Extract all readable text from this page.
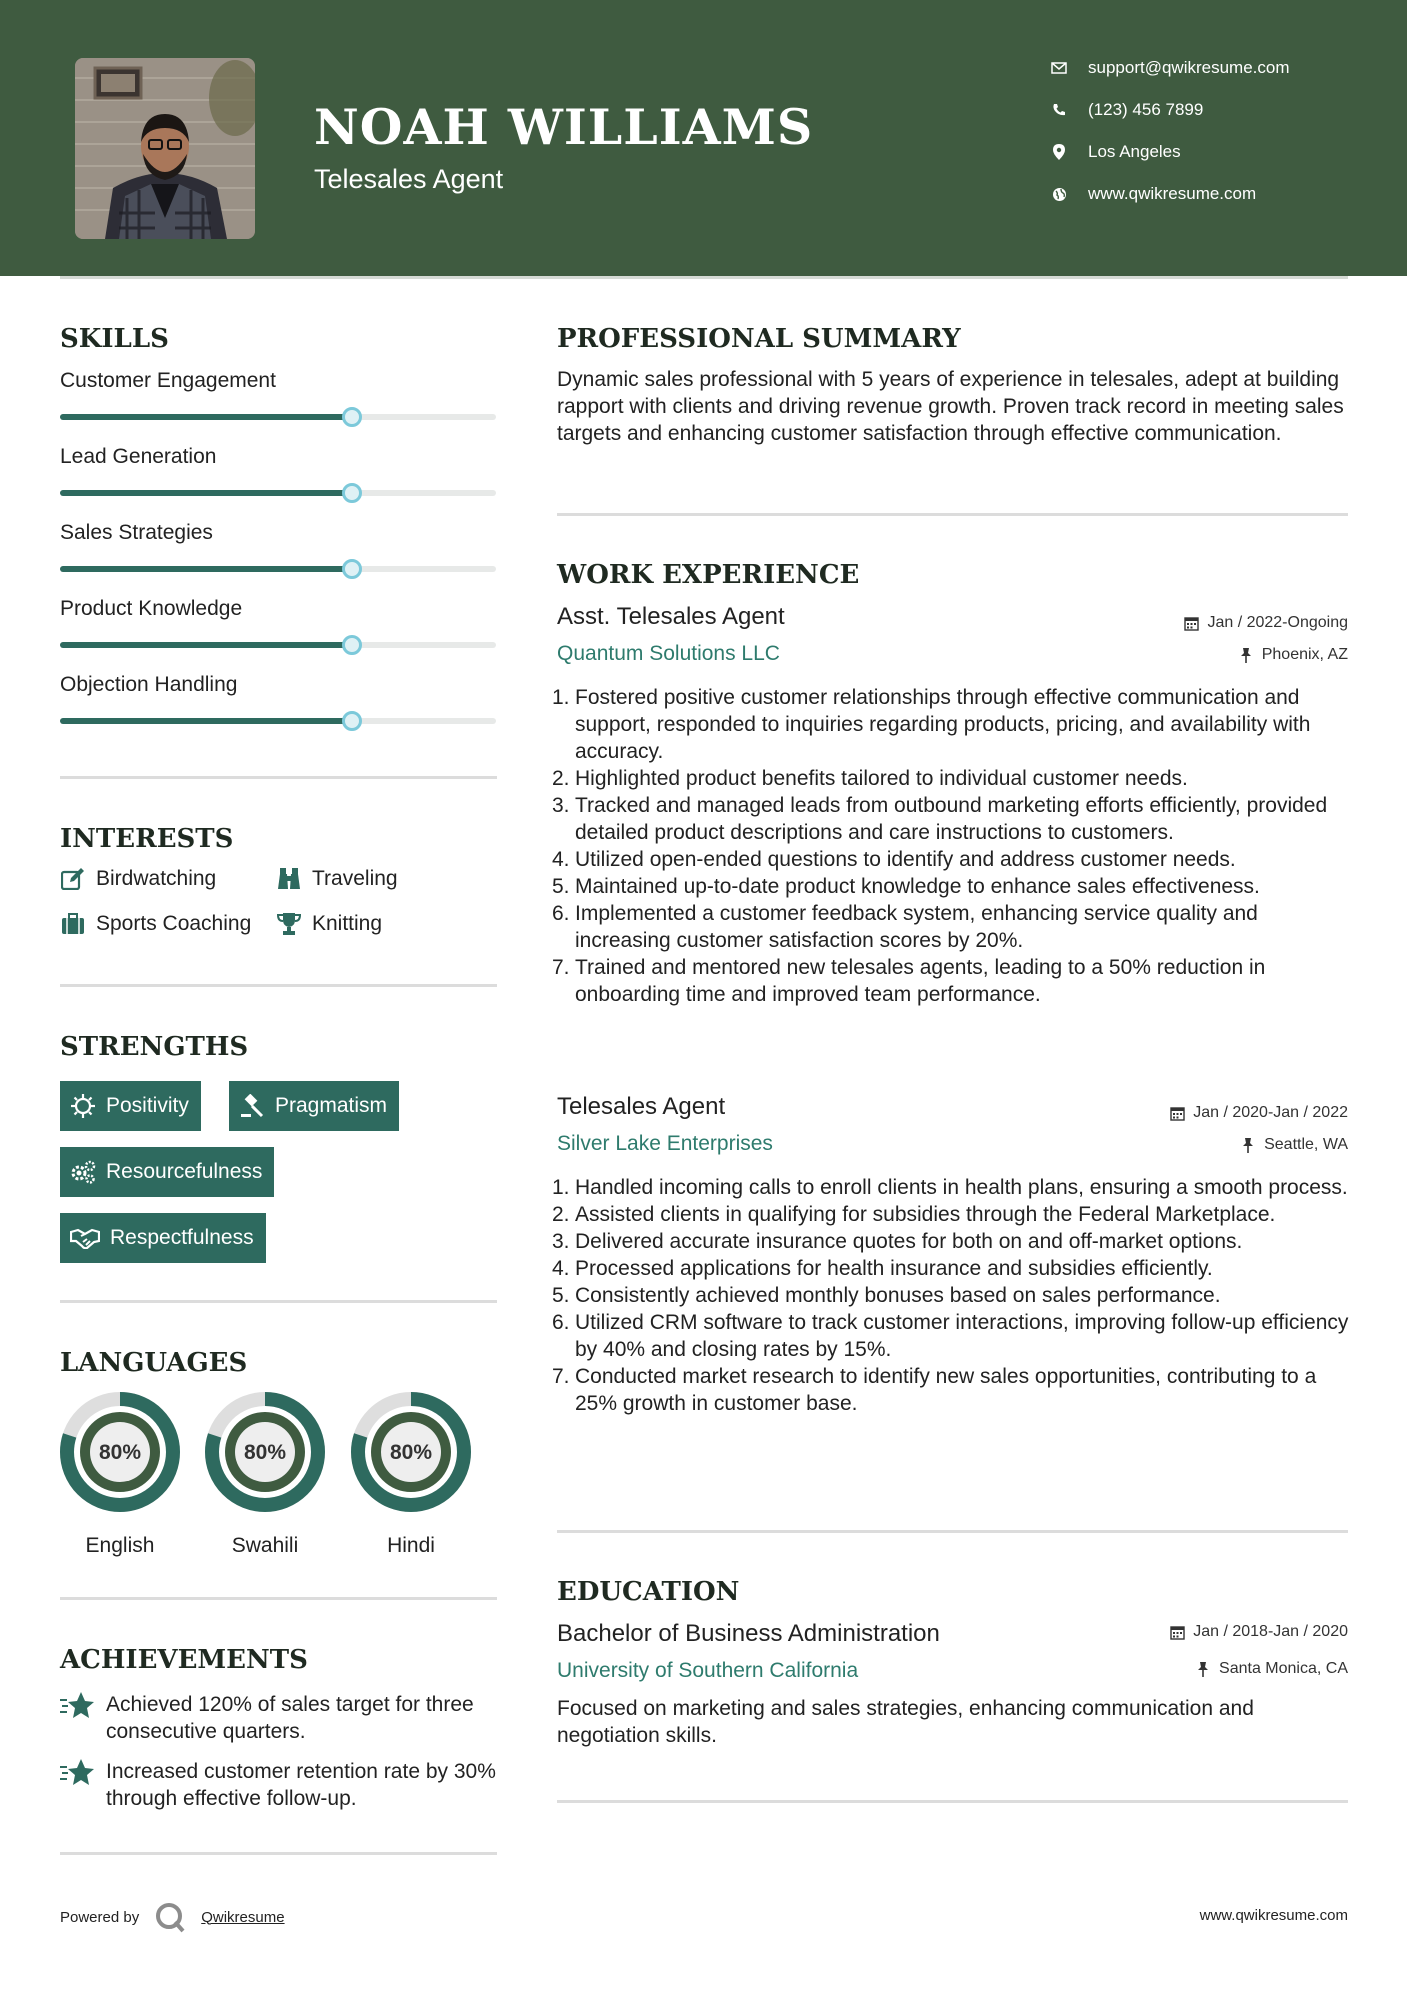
NOAH WILLIAMS
Telesales Agent
support@qwikresume.com
(123) 456 7899
Los Angeles
www.qwikresume.com
SKILLS
Customer Engagement
Lead Generation
Sales Strategies
Product Knowledge
Objection Handling
INTERESTS
Birdwatching	Traveling
Sports Coaching	Knitting
STRENGTHS
Positivity	Pragmatism
Resourcefulness
Respectfulness
LANGUAGES
80%
English
80%
Swahili
80%
Hindi
ACHIEVEMENTS
Achieved 120% of sales target for three consecutive quarters.
Increased customer retention rate by 30% through effective follow-up.
PROFESSIONAL SUMMARY
Dynamic sales professional with 5 years of experience in telesales, adept at building rapport with clients and driving revenue growth. Proven track record in meeting sales targets and enhancing customer satisfaction through effective communication.
WORK EXPERIENCE
Asst. Telesales Agent
Quantum Solutions LLC
Jan / 2022-Ongoing
Phoenix, AZ
1. Fostered positive customer relationships through effective communication and support, responded to inquiries regarding products, pricing, and availability with accuracy.
2. Highlighted product benefits tailored to individual customer needs.
3. Tracked and managed leads from outbound marketing efforts efficiently, provided detailed product descriptions and care instructions to customers.
4. Utilized open-ended questions to identify and address customer needs.
5. Maintained up-to-date product knowledge to enhance sales effectiveness.
6. Implemented a customer feedback system, enhancing service quality and increasing customer satisfaction scores by 20%.
7. Trained and mentored new telesales agents, leading to a 50% reduction in onboarding time and improved team performance.
Telesales Agent
Silver Lake Enterprises
Jan / 2020-Jan / 2022
Seattle, WA
1. Handled incoming calls to enroll clients in health plans, ensuring a smooth process.
2. Assisted clients in qualifying for subsidies through the Federal Marketplace.
3. Delivered accurate insurance quotes for both on and off-market options.
4. Processed applications for health insurance and subsidies efficiently.
5. Consistently achieved monthly bonuses based on sales performance.
6. Utilized CRM software to track customer interactions, improving follow-up efficiency by 40% and closing rates by 15%.
7. Conducted market research to identify new sales opportunities, contributing to a 25% growth in customer base.
EDUCATION
Bachelor of Business Administration
University of Southern California
Jan / 2018-Jan / 2020
Santa Monica, CA
Focused on marketing and sales strategies, enhancing communication and negotiation skills.
Powered by	Qwikresume	www.qwikresume.com
